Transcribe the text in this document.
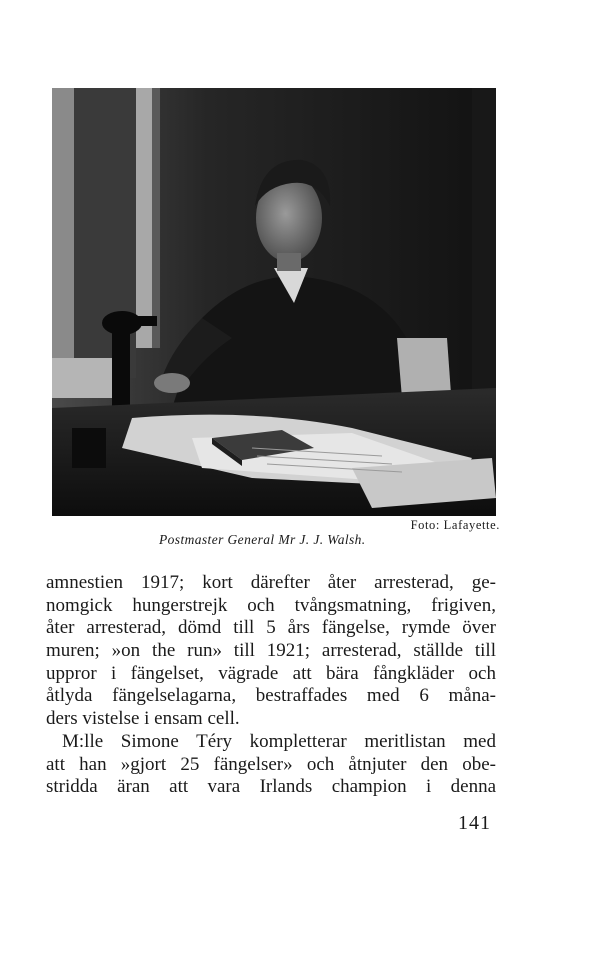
Foto: Lafayette.
Postmaster General Mr J. J. Walsh.
amnestien 1917; kort därefter åter arresterad, ge-
nomgick hungerstrejk och tvångsmatning, frigiven,
åter arresterad, dömd till 5 års fängelse, rymde över
muren; »on the run» till 1921; arresterad, ställde till
uppror i fängelset, vägrade att bära fångkläder och
åtlyda fängelselagarna, bestraffades med 6 måna-
ders vistelse i ensam cell.
M:lle Simone Téry kompletterar meritlistan med
att han »gjort 25 fängelser» och åtnjuter den obe-
stridda äran att vara Irlands champion i denna
141
